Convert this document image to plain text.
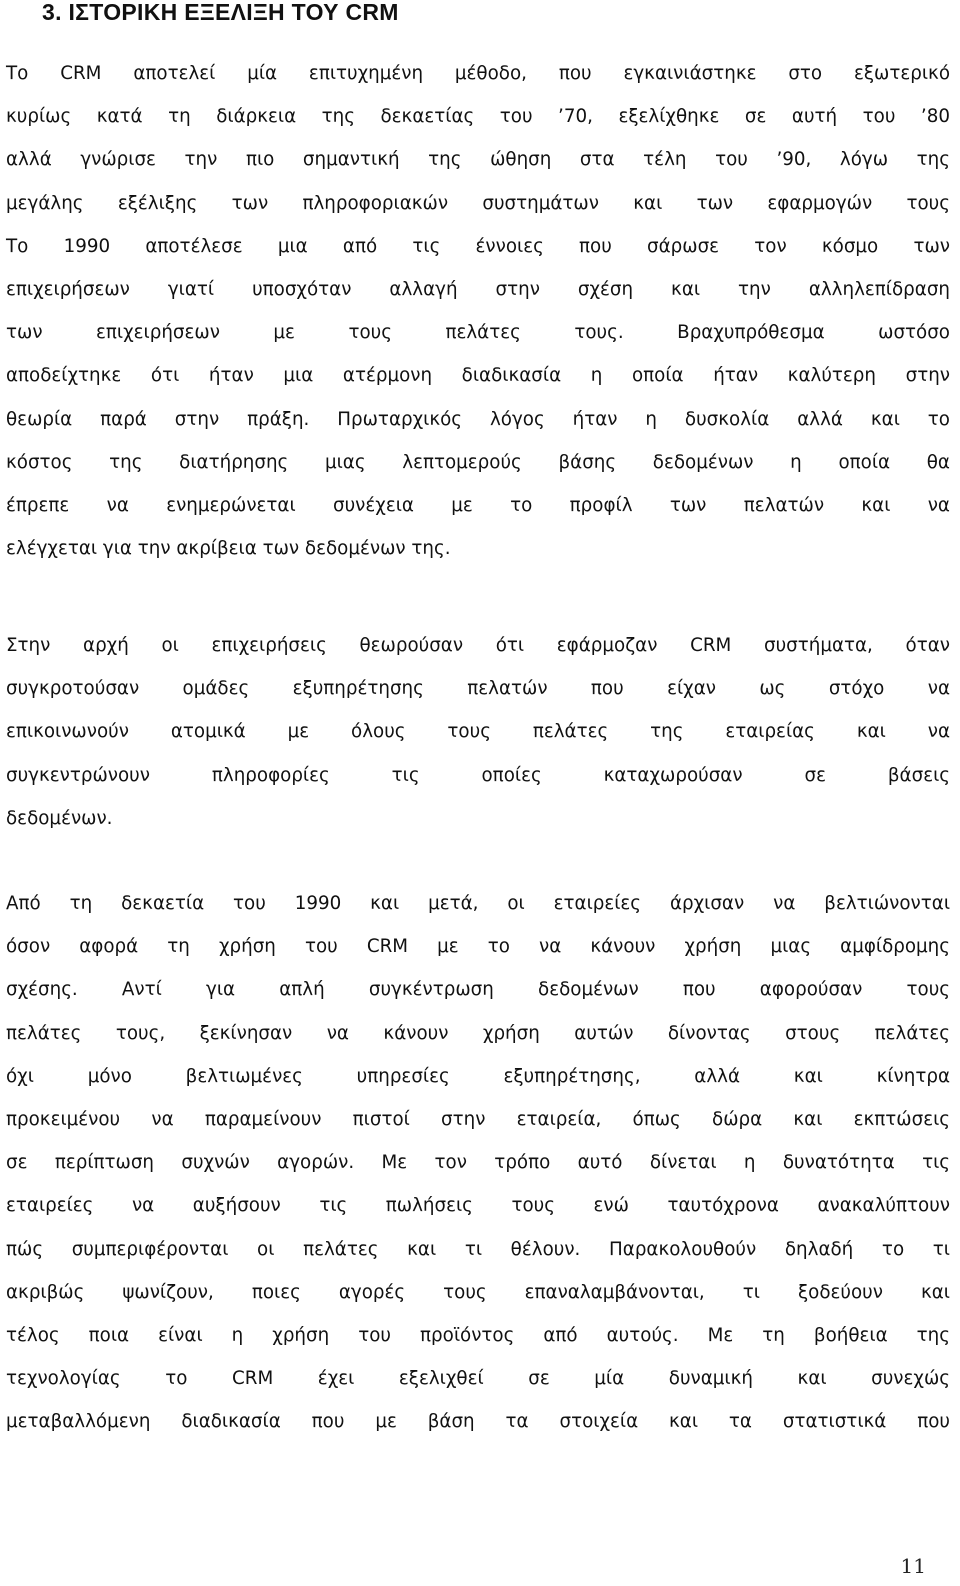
3. ΙΣΤΟΡΙΚΗ ΕΞΕΛΙΞΗ ΤΟΥ CRM
Το CRM αποτελεί μία επιτυχημένη μέθοδο, που εγκαινιάστηκε στο εξωτερικό
κυρίως κατά τη διάρκεια της δεκαετίας του ’70, εξελίχθηκε σε αυτή του ’80
αλλά γνώρισε την πιο σημαντική της ώθηση στα τέλη του ’90, λόγω της
μεγάλης εξέλιξης των πληροφοριακών συστημάτων και των εφαρμογών τους
Το 1990 αποτέλεσε μια από τις έννοιες που σάρωσε τον κόσμο των
επιχειρήσεων γιατί υποσχόταν αλλαγή στην σχέση και την αλληλεπίδραση
των επιχειρήσεων με τους πελάτες τους. Βραχυπρόθεσμα ωστόσο
αποδείχτηκε ότι ήταν μια ατέρμονη διαδικασία η οποία ήταν καλύτερη στην
θεωρία παρά στην πράξη. Πρωταρχικός λόγος ήταν η δυσκολία αλλά και το
κόστος της διατήρησης μιας λεπτομερούς βάσης δεδομένων η οποία θα
έπρεπε να ενημερώνεται συνέχεια με το προφίλ των πελατών και να
ελέγχεται για την ακρίβεια των δεδομένων της.
Στην αρχή οι επιχειρήσεις θεωρούσαν ότι εφάρμοζαν CRM συστήματα, όταν
συγκροτούσαν ομάδες εξυπηρέτησης πελατών που είχαν ως στόχο να
επικοινωνούν ατομικά με όλους τους πελάτες της εταιρείας και να
συγκεντρώνουν πληροφορίες τις οποίες καταχωρούσαν σε βάσεις
δεδομένων.
Από τη δεκαετία του 1990 και μετά, οι εταιρείες άρχισαν να βελτιώνονται
όσον αφορά τη χρήση του CRM με το να κάνουν χρήση μιας αμφίδρομης
σχέσης. Αντί για απλή συγκέντρωση δεδομένων που αφορούσαν τους
πελάτες τους, ξεκίνησαν να κάνουν χρήση αυτών δίνοντας στους πελάτες
όχι μόνο βελτιωμένες υπηρεσίες εξυπηρέτησης, αλλά και κίνητρα
προκειμένου να παραμείνουν πιστοί στην εταιρεία, όπως δώρα και εκπτώσεις
σε περίπτωση συχνών αγορών. Με τον τρόπο αυτό δίνεται η δυνατότητα τις
εταιρείες να αυξήσουν τις πωλήσεις τους ενώ ταυτόχρονα ανακαλύπτουν
πώς συμπεριφέρονται οι πελάτες και τι θέλουν. Παρακολουθούν δηλαδή το τι
ακριβώς ψωνίζουν, ποιες αγορές τους επαναλαμβάνονται, τι ξοδεύουν και
τέλος ποια είναι η χρήση του προϊόντος από αυτούς. Με τη βοήθεια της
τεχνολογίας το CRM έχει εξελιχθεί σε μία δυναμική και συνεχώς
μεταβαλλόμενη διαδικασία που με βάση τα στοιχεία και τα στατιστικά που
11
